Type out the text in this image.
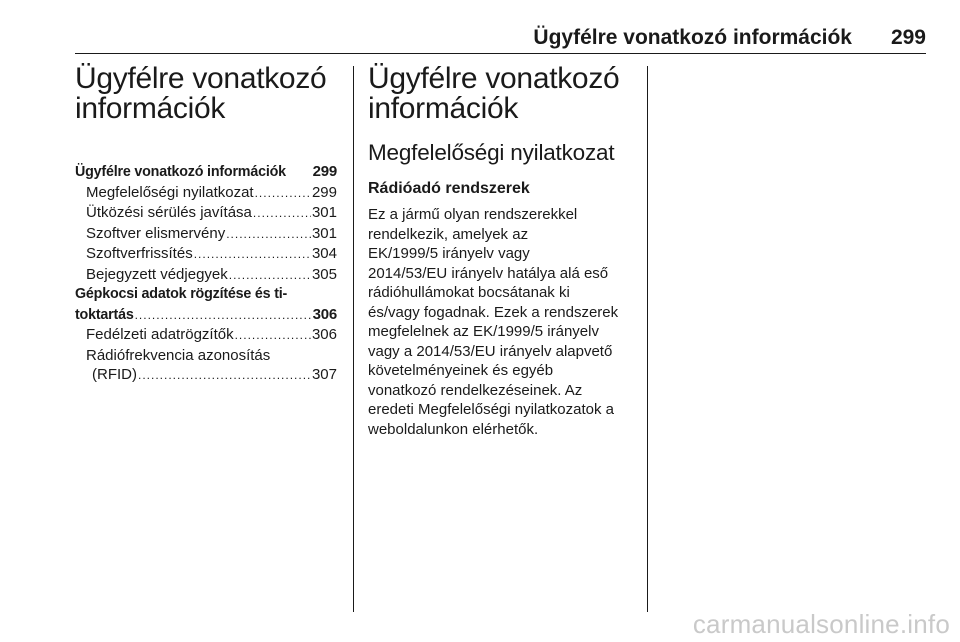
Ügyfélre vonatkozó információk 299
Ügyfélre vonatkozó
információk
Ügyfélre vonatkozó információk 299
Megfelelőségi nyilatkozat .....	299
Ütközési sérülés javítása .....	301
Szoftver elismervény .....	301
Szoftverfrissítés .....	304
Bejegyzett védjegyek .....	305
Gépkocsi adatok rögzítése és ti-
toktartás .....	306
Fedélzeti adatrögzítők .....	306
Rádiófrekvencia azonosítás
(RFID) .....	307
Ügyfélre vonatkozó
információk
Megfelelőségi nyilatkozat
Rádióadó rendszerek

Ez a jármű olyan rendszerekkel
rendelkezik, amelyek az
EK/1999/5 irányelv vagy
2014/53/EU irányelv hatálya alá eső
rádióhullámokat bocsátanak ki
és/vagy fogadnak. Ezek a rendszerek
megfelelnek az EK/1999/5 irányelv
vagy a 2014/53/EU irányelv alapvető
követelményeinek és egyéb
vonatkozó rendelkezéseinek. Az
eredeti Megfelelőségi nyilatkozatok a
weboldalunkon elérhetők.

carmanualsonline.info
